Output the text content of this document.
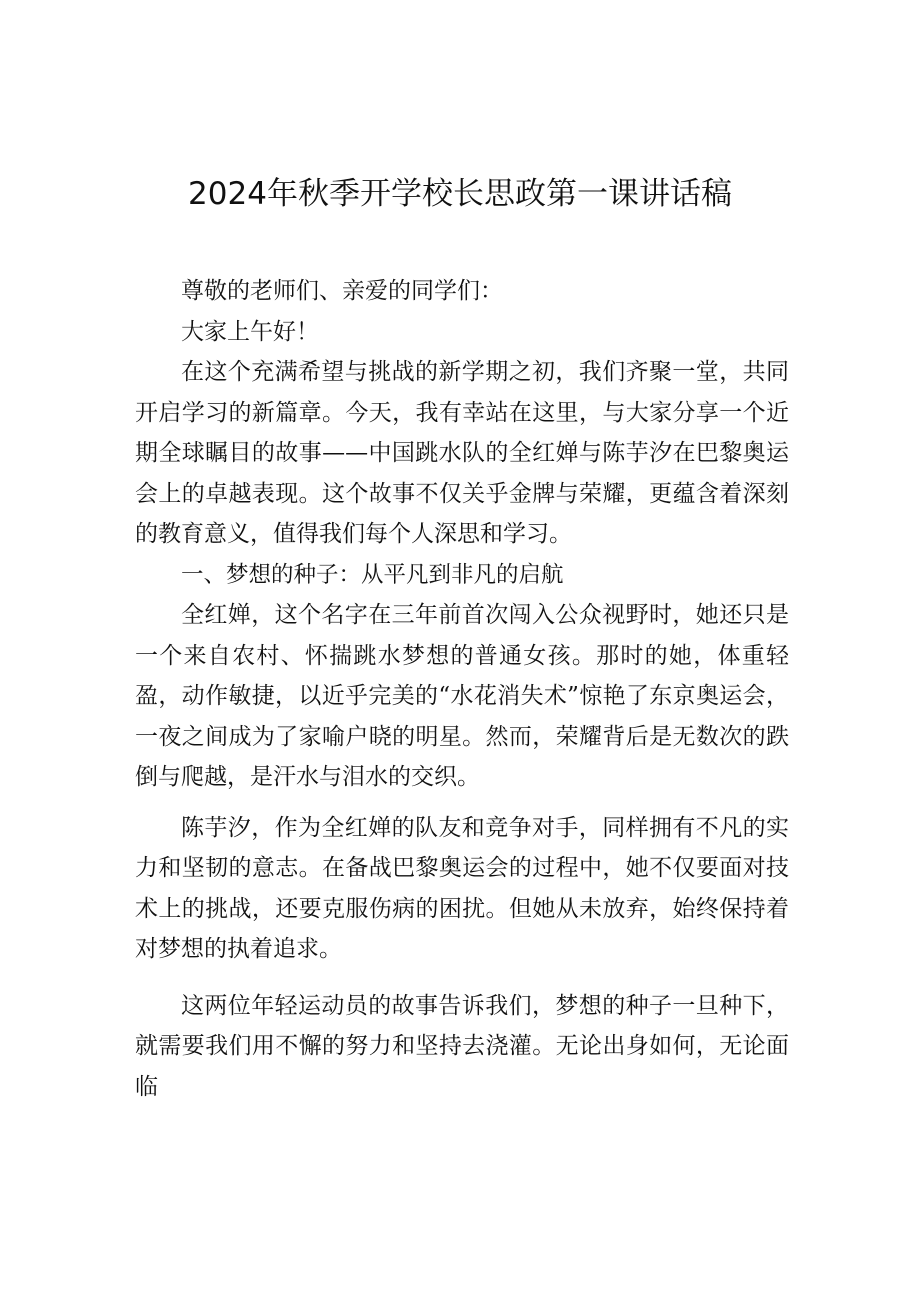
2024年秋季开学校长思政第一课讲话稿

尊敬的老师们、亲爱的同学们：

大家上午好！

在这个充满希望与挑战的新学期之初，我们齐聚一堂，共同开启学习的新篇章。今天，我有幸站在这里，与大家分享一个近期全球瞩目的故事——中国跳水队的全红婵与陈芋汐在巴黎奥运会上的卓越表现。这个故事不仅关乎金牌与荣耀，更蕴含着深刻的教育意义，值得我们每个人深思和学习。

一、梦想的种子：从平凡到非凡的启航

全红婵，这个名字在三年前首次闯入公众视野时，她还只是一个来自农村、怀揣跳水梦想的普通女孩。那时的她，体重轻盈，动作敏捷，以近乎完美的“水花消失术”惊艳了东京奥运会，一夜之间成为了家喻户晓的明星。然而，荣耀背后是无数次的跌倒与爬越，是汗水与泪水的交织。

陈芋汐，作为全红婵的队友和竞争对手，同样拥有不凡的实力和坚韧的意志。在备战巴黎奥运会的过程中，她不仅要面对技术上的挑战，还要克服伤病的困扰。但她从未放弃，始终保持着对梦想的执着追求。

这两位年轻运动员的故事告诉我们，梦想的种子一旦种下，就需要我们用不懈的努力和坚持去浇灌。无论出身如何，无论面临
